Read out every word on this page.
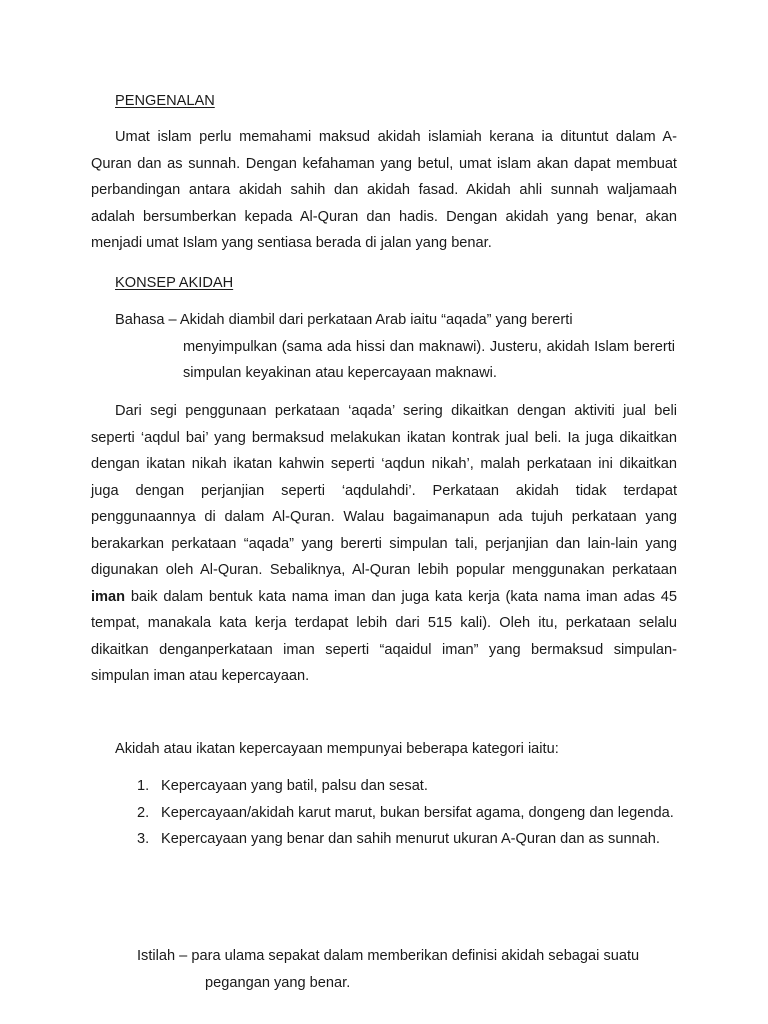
PENGENALAN

Umat islam perlu memahami maksud akidah islamiah kerana ia dituntut dalam A-Quran dan as sunnah. Dengan kefahaman yang betul, umat islam akan dapat membuat perbandingan antara akidah sahih dan akidah fasad. Akidah ahli sunnah waljamaah adalah bersumberkan kepada Al-Quran dan hadis. Dengan akidah yang benar, akan menjadi umat Islam yang sentiasa berada di jalan yang benar.

KONSEP AKIDAH

Bahasa – Akidah diambil dari perkataan Arab iaitu “aqada” yang bererti
menyimpulkan (sama ada hissi dan maknawi). Justeru, akidah Islam bererti simpulan keyakinan atau kepercayaan maknawi.

Dari segi penggunaan perkataan ‘aqada’ sering dikaitkan dengan aktiviti jual beli seperti ‘aqdul bai’ yang bermaksud melakukan ikatan kontrak jual beli. Ia juga dikaitkan dengan ikatan nikah ikatan kahwin seperti ‘aqdun nikah’, malah perkataan ini dikaitkan juga dengan perjanjian seperti ‘aqdulahdi’. Perkataan akidah tidak terdapat penggunaannya di dalam Al-Quran. Walau bagaimanapun ada tujuh perkataan yang berakarkan perkataan “aqada” yang bererti simpulan tali, perjanjian dan lain-lain yang digunakan oleh Al-Quran. Sebaliknya, Al-Quran lebih popular menggunakan perkataan iman baik dalam bentuk kata nama iman dan juga kata kerja (kata nama iman adas 45 tempat, manakala kata kerja terdapat lebih dari 515 kali). Oleh itu, perkataan selalu dikaitkan denganperkataan iman seperti “aqaidul iman” yang bermaksud simpulan-simpulan iman atau kepercayaan.

Akidah atau ikatan kepercayaan mempunyai beberapa kategori iaitu:

1. Kepercayaan yang batil, palsu dan sesat.
2. Kepercayaan/akidah karut marut, bukan bersifat agama, dongeng dan legenda.
3. Kepercayaan yang benar dan sahih menurut ukuran A-Quran dan as sunnah.

Istilah – para ulama sepakat dalam memberikan definisi akidah sebagai suatu
pegangan yang benar.
